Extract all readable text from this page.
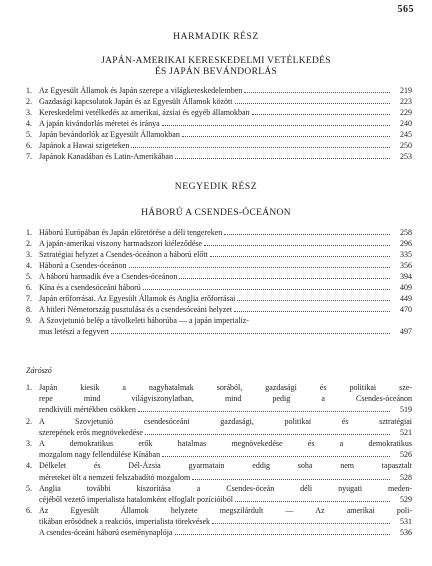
565
HARMADIK RÉSZ
JAPÁN-AMERIKAI KERESKEDELMI VETÉLKEDÉS
ÉS JAPÁN BEVÁNDORLÁS
1. Az Egyesült Államok és Japán szerepe a világkereskedelemben	219
2. Gazdasági kapcsolatok Japán és az Egyesült Államok között	223
3. Kereskedelmi vetélkedés az amerikai, ázsiai és egyéb államokban	229
4. A japán kivándorlás méretei és iránya	240
5. Japán bevándorlók az Egyesült Államokban	245
6. Japánok a Hawai szigeteken	250
7. Japánok Kanadában és Latin-Amerikában	253
NEGYEDIK RÉSZ
HÁBORÚ A CSENDES-ÓCEÁNON
1. Háború Európában és Japán előretörése a déli tengereken	258
2. A japán-amerikai viszony harmadszori kiéleződése	296
3. Sztratégiai helyzet a Csendes-óceánon a háború előtt	335
4. Háború a Csendes-óceánon	356
5. A háború harmadik éve a Csendes-óceánon	394
6. Kína és a csendesóceáni háború	409
7. Japán erőforrásai. Az Egyesült Államok és Anglia erőforrásai	449
8. A hitleri Németország pusztulása és a csendesóceáni helyzet	470
9. A Szovjetunió belép a távolkeleti háborúba — a japán imperializ-
mus letészi a fegyvert	497
Zárószó
1. Japán kiesik a nagyhatalmak sorából, gazdasági és politikai sze-
repe mind világviszonylatban, mind pedig a Csendes-óceánon
rendkívüli mértékben csökken	519
2. A Szovjetunió csendesóceáni gazdasági, politikai és sztratégiai
szerepének erős megnövekedése	521
3. A demokratikus erők hatalmas megnövekedése és a demokratikus
mozgalom nagy fellendülése Kínában	526
4. Délkelet és Dél-Ázsia gyarmatain eddig soha nem tapasztalt
méreteket ölt a nemzeti felszabadító mozgalom	528
5. Anglia további kiszorítása a Csendes-óceán déli nyugati meden-
céjéből vezető imperialista hatalomként elfoglalt pozícióiból	529
6. Az Egyesült Államok helyzete megszilárdult — Az amerikai poli-
tikában erősödnek a reakciós, imperialista törekvések	531
A csendes-óceáni háború eseménynaplója	536
